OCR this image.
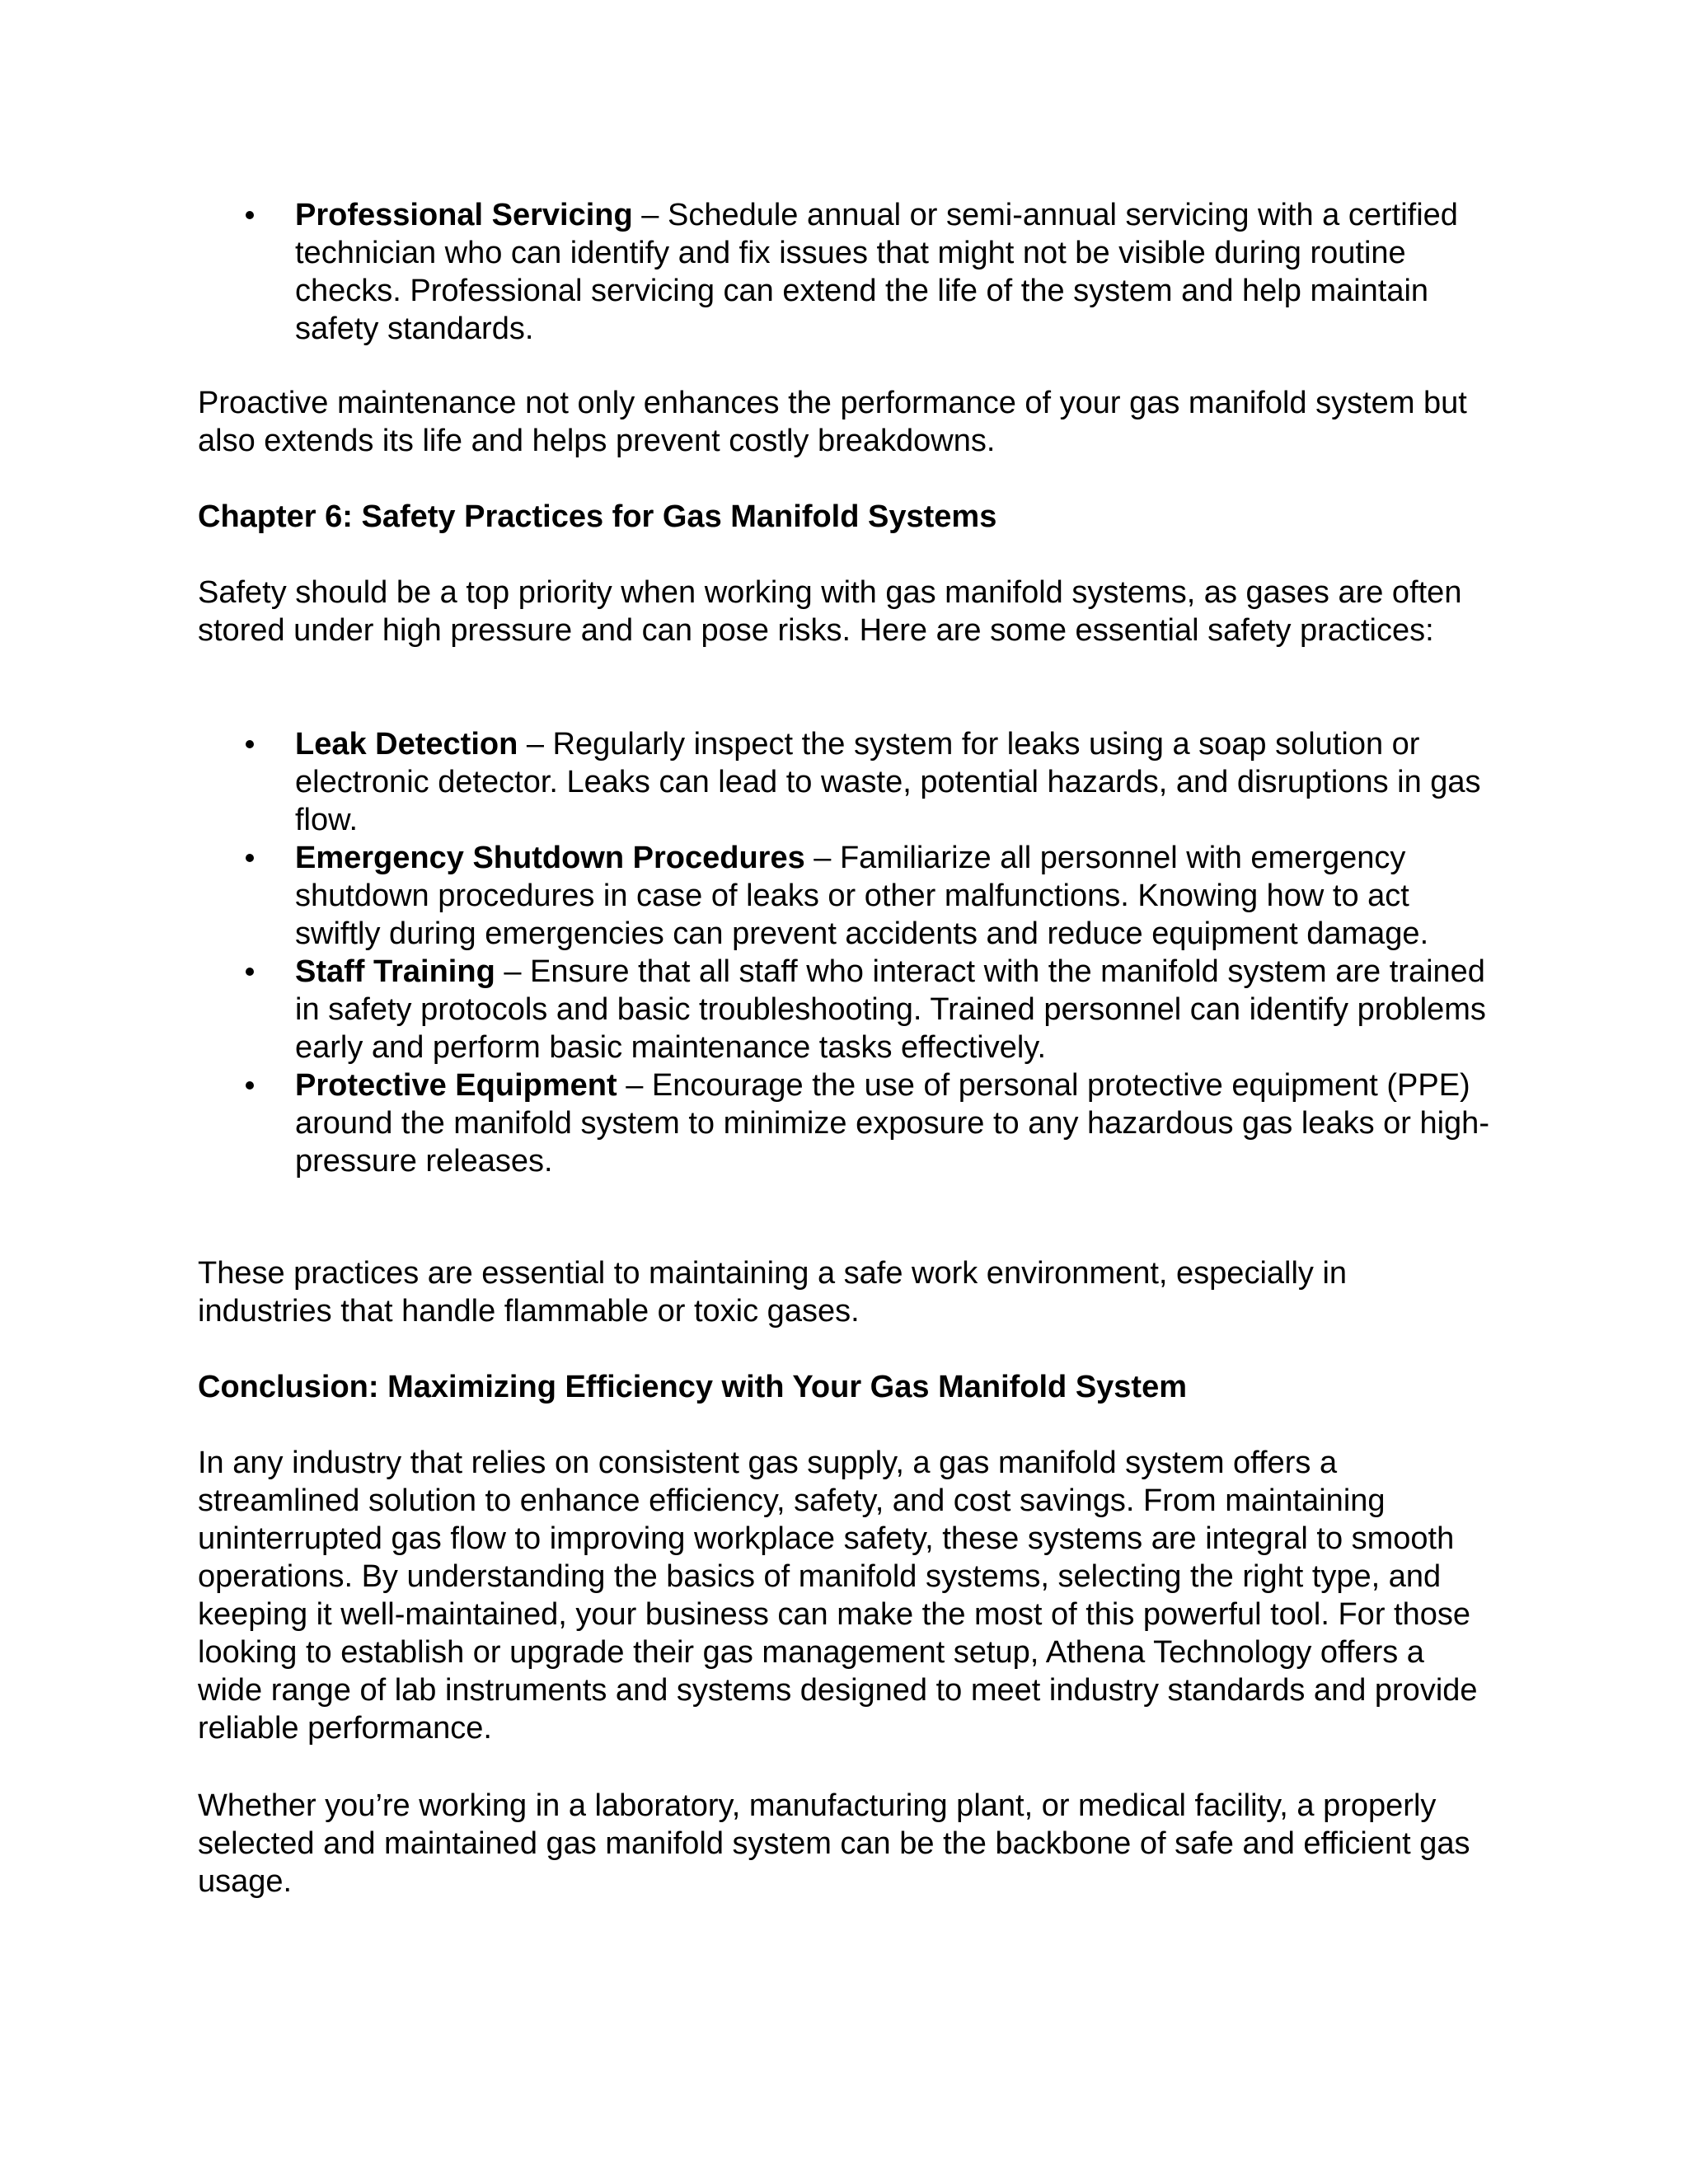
Professional Servicing – Schedule annual or semi-annual servicing with a certified technician who can identify and fix issues that might not be visible during routine checks. Professional servicing can extend the life of the system and help maintain safety standards.

Proactive maintenance not only enhances the performance of your gas manifold system but also extends its life and helps prevent costly breakdowns.

Chapter 6: Safety Practices for Gas Manifold Systems

Safety should be a top priority when working with gas manifold systems, as gases are often stored under high pressure and can pose risks. Here are some essential safety practices:

Leak Detection – Regularly inspect the system for leaks using a soap solution or electronic detector. Leaks can lead to waste, potential hazards, and disruptions in gas flow.
Emergency Shutdown Procedures – Familiarize all personnel with emergency shutdown procedures in case of leaks or other malfunctions. Knowing how to act swiftly during emergencies can prevent accidents and reduce equipment damage.
Staff Training – Ensure that all staff who interact with the manifold system are trained in safety protocols and basic troubleshooting. Trained personnel can identify problems early and perform basic maintenance tasks effectively.
Protective Equipment – Encourage the use of personal protective equipment (PPE) around the manifold system to minimize exposure to any hazardous gas leaks or high-pressure releases.

These practices are essential to maintaining a safe work environment, especially in industries that handle flammable or toxic gases.

Conclusion: Maximizing Efficiency with Your Gas Manifold System

In any industry that relies on consistent gas supply, a gas manifold system offers a streamlined solution to enhance efficiency, safety, and cost savings. From maintaining uninterrupted gas flow to improving workplace safety, these systems are integral to smooth operations. By understanding the basics of manifold systems, selecting the right type, and keeping it well-maintained, your business can make the most of this powerful tool. For those looking to establish or upgrade their gas management setup, Athena Technology offers a wide range of lab instruments and systems designed to meet industry standards and provide reliable performance.

Whether you’re working in a laboratory, manufacturing plant, or medical facility, a properly selected and maintained gas manifold system can be the backbone of safe and efficient gas usage.
